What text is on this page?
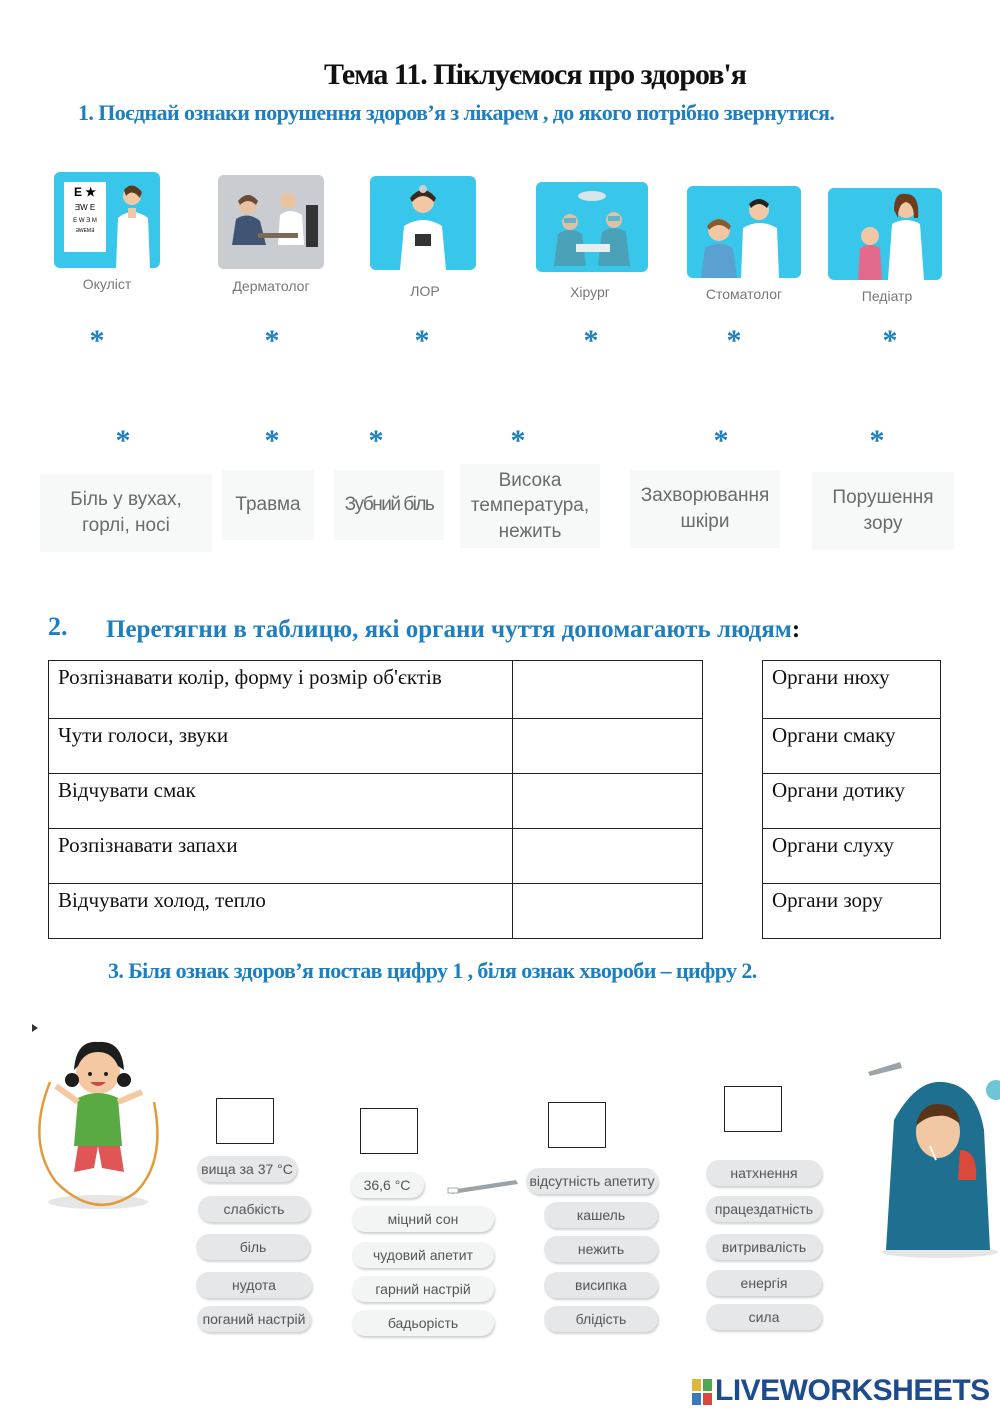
Тема 11. Піклуємося про здоров'я
1. Поєднай ознаки порушення здоров’я з лікарем , до якого потрібно звернутися.
E ★
ƎW E
E W Ǝ M
ƎWEMƎ
Окуліст	Дерматолог	ЛОР	Хірург	Стоматолог	Педіатр
*	*	*	*	*	*
*	*	*	*	*	*
Біль у вухах,
горлі, носі
Травма Зубний біль
Висока
температура,
нежить
Захворювання
шкіри
Порушення
зору
2. Перетягни в таблицю, які органи чуття допомагають людям:
Розпізнавати колір, форму і розмір об'єктів	
Чути голоси, звуки	
Відчувати смак	
Розпізнавати запахи	
Відчувати холод, тепло	
Органи нюху
Органи смаку
Органи дотику
Органи слуху
Органи зору
3. Біля ознак здоров’я постав цифру 1 , біля ознак хвороби – цифру 2.
вища за 37 °С
слабкість
біль
нудота
поганий настрій
36,6 °С
міцний сон
чудовий апетит
гарний настрій
бадьорість
відсутність апетиту
кашель
нежить
висипка
блідість
натхнення
працездатність
витривалість
енергія
сила
LIVEWORKSHEETS
